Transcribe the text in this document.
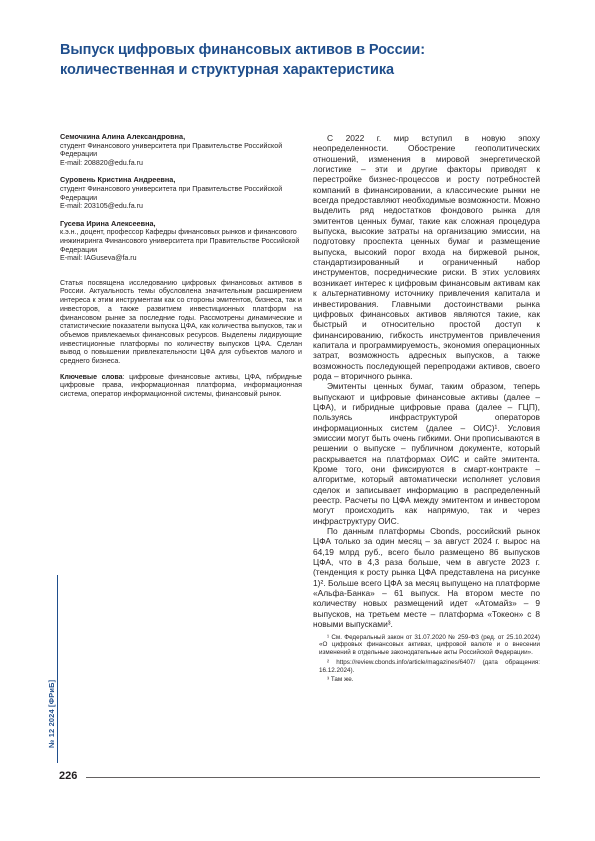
Выпуск цифровых финансовых активов в России: количественная и структурная характеристика
Семочкина Алина Александровна,
студент Финансового университета при Правительстве Российской Федерации
E-mail: 208820@edu.fa.ru
Суровень Кристина Андреевна,
студент Финансового университета при Правительстве Российской Федерации
E-mail: 203105@edu.fa.ru
Гусева Ирина Алексеевна,
к.э.н., доцент, профессор Кафедры финансовых рынков и финансового инжиниринга Финансового университета при Правительстве Российской Федерации
E-mail: IAGuseva@fa.ru
Статья посвящена исследованию цифровых финансовых активов в России. Актуальность темы обусловлена значительным расширением интереса к этим инструментам как со стороны эмитентов, бизнеса, так и инвесторов, а также развитием инвестиционных платформ на финансовом рынке за последние годы. Рассмотрены динамические и статистические показатели выпуска ЦФА, как количества выпусков, так и объемов привлекаемых финансовых ресурсов. Выделены лидирующие инвестиционные платформы по количеству выпусков ЦФА. Сделан вывод о повышении привлекательности ЦФА для субъектов малого и среднего бизнеса.
Ключевые слова: цифровые финансовые активы, ЦФА, гибридные цифровые права, информационная платформа, информационная система, оператор информационной системы, финансовый рынок.

С 2022 г. мир вступил в новую эпоху неопределенности. Обострение геополитических отношений, изменения в мировой энергетической логистике – эти и другие факторы приводят к перестройке бизнес-процессов и росту потребностей компаний в финансировании, а классические рынки не всегда предоставляют необходимые возможности. Можно выделить ряд недостатков фондового рынка для эмитентов ценных бумаг, такие как сложная процедура выпуска, высокие затраты на организацию эмиссии, на подготовку проспекта ценных бумаг и размещение выпуска, высокий порог входа на биржевой рынок, стандартизированный и ограниченный набор инструментов, посреднические риски. В этих условиях возникает интерес к цифровым финансовым активам как к альтернативному источнику привлечения капитала и инвестирования. Главными достоинствами рынка цифровых финансовых активов являются такие, как быстрый и относительно простой доступ к финансированию, гибкость инструментов привлечения капитала и программируемость, экономия операционных затрат, возможность адресных выпусков, а также возможность последующей перепродажи активов, своего рода – вторичного рынка.

Эмитенты ценных бумаг, таким образом, теперь выпускают и цифровые финансовые активы (далее – ЦФА), и гибридные цифровые права (далее – ГЦП), пользуясь инфраструктурой операторов информационных систем (далее – ОИС)¹. Условия эмиссии могут быть очень гибкими. Они прописываются в решении о выпуске – публичном документе, который раскрывается на платформах ОИС и сайте эмитента. Кроме того, они фиксируются в смарт-контракте – алгоритме, который автоматически исполняет условия сделок и записывает информацию в распределенный реестр. Расчеты по ЦФА между эмитентом и инвестором могут происходить как напрямую, так и через инфраструктуру ОИС.

По данным платформы Cbonds, российский рынок ЦФА только за один месяц – за август 2024 г. вырос на 64,19 млрд руб., всего было размещено 86 выпусков ЦФА, что в 4,3 раза больше, чем в августе 2023 г. (тенденция к росту рынка ЦФА представлена на рисунке 1)². Больше всего ЦФА за месяц выпущено на платформе «Альфа-Банка» – 61 выпуск. На втором месте по количеству новых размещений идет «Атомайз» – 9 выпусков, на третьем месте – платформа «Токеон» с 8 новыми выпусками³.

¹ См. Федеральный закон от 31.07.2020 № 259-ФЗ (ред. от 25.10.2024) «О цифровых финансовых активах, цифровой валюте и о внесении изменений в отдельные законодательные акты Российской Федерации».

² https://review.cbonds.info/article/magazines/6407/ (дата обращения: 16.12.2024).

³ Там же.

№ 12 2024 [ФРиБ]
226
